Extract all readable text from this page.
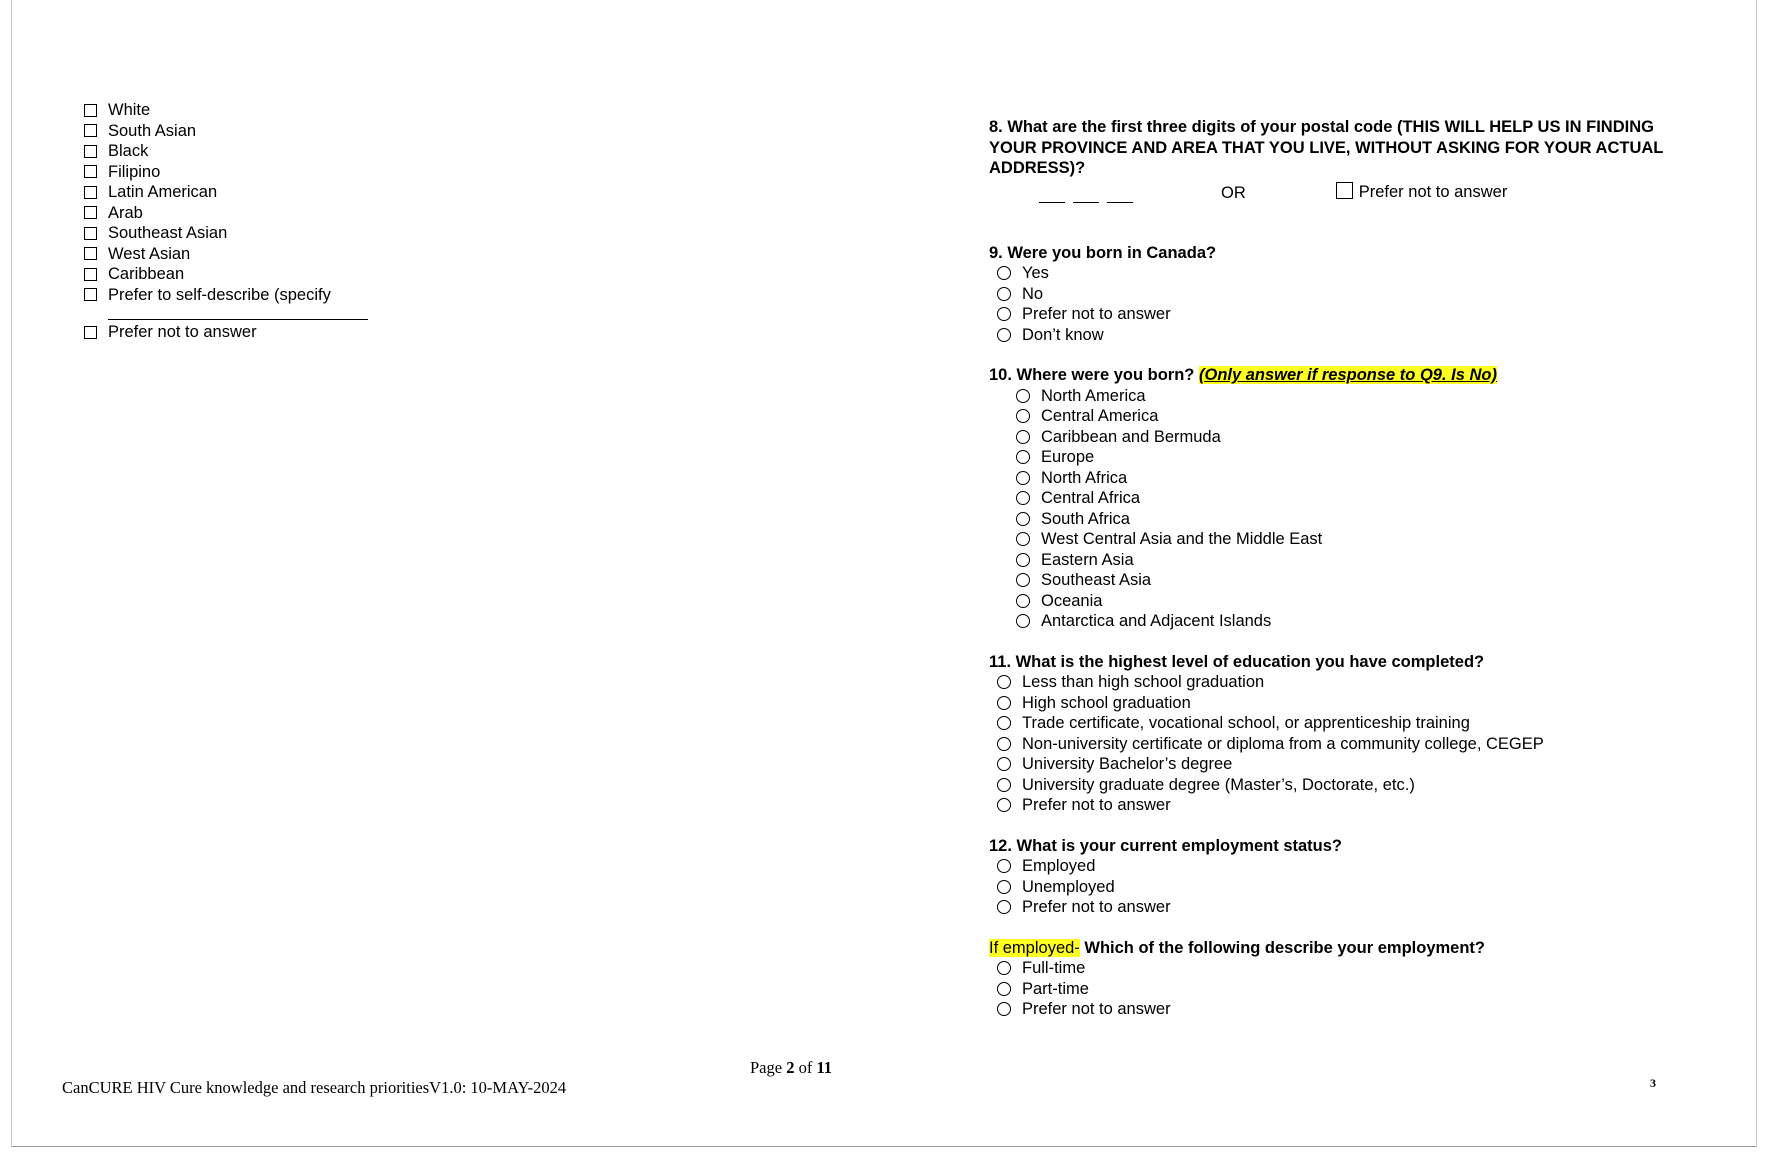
White
South Asian
Black
Filipino
Latin American
Arab
Southeast Asian
West Asian
Caribbean
Prefer to self-describe (specify
Prefer not to answer
8. What are the first three digits of your postal code (THIS WILL HELP US IN FINDING YOUR PROVINCE AND AREA THAT YOU LIVE, WITHOUT ASKING FOR YOUR ACTUAL ADDRESS)?
OR	Prefer not to answer
9. Were you born in Canada?
Yes
No
Prefer not to answer
Don’t know
10. Where were you born? (Only answer if response to Q9. Is No)
North America
Central America
Caribbean and Bermuda
Europe
North Africa
Central Africa
South Africa
West Central Asia and the Middle East
Eastern Asia
Southeast Asia
Oceania
Antarctica and Adjacent Islands
11. What is the highest level of education you have completed?
Less than high school graduation
High school graduation
Trade certificate, vocational school, or apprenticeship training
Non-university certificate or diploma from a community college, CEGEP
University Bachelor’s degree
University graduate degree (Master’s, Doctorate, etc.)
Prefer not to answer
12. What is your current employment status?
Employed
Unemployed
Prefer not to answer
If employed- Which of the following describe your employment?
Full-time
Part-time
Prefer not to answer
Page 2 of 11
CanCURE HIV Cure knowledge and research prioritiesV1.0: 10-MAY-2024	3
